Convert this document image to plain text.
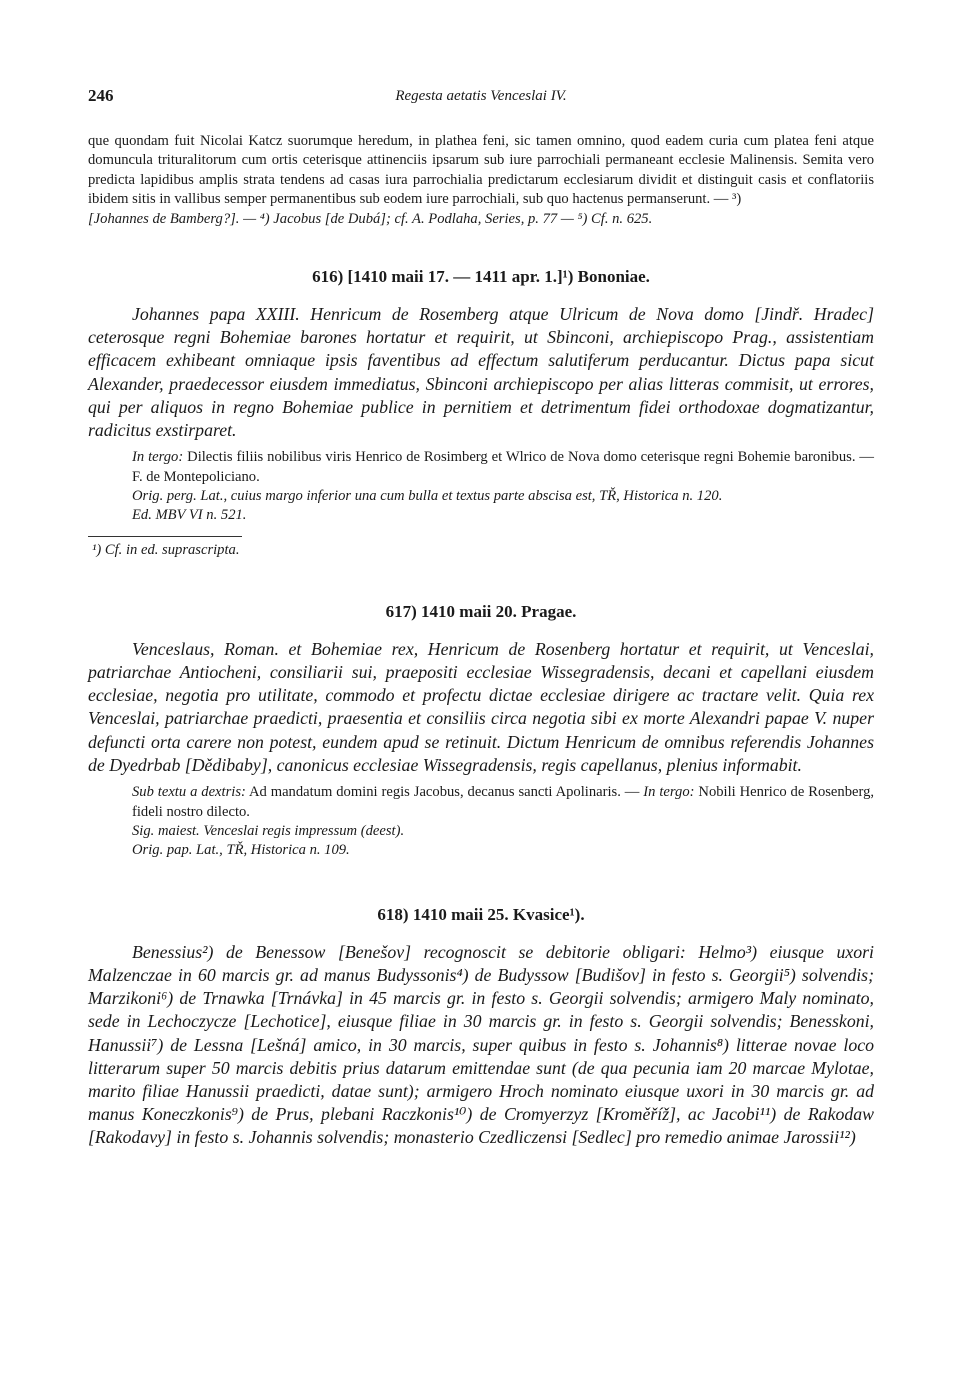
246	Regesta aetatis Venceslai IV.

que quondam fuit Nicolai Katcz suorumque heredum, in plathea feni, sic tamen omnino, quod eadem curia cum platea feni atque domuncula trituralitorum cum ortis ceterisque attinenciis ipsarum sub iure parrochiali permaneant ecclesie Malinensis. Semita vero predicta lapidibus amplis strata tendens ad casas iura parrochialia predictarum ecclesiarum dividit et distinguit casis et conflatoriis ibidem sitis in vallibus semper permanentibus sub eodem iure parrochiali, sub quo hactenus permanserunt. — ³)

[Johannes de Bamberg?]. — ⁴) Jacobus [de Dubá]; cf. A. Podlaha, Series, p. 77 — ⁵) Cf. n. 625.

616) [1410 maii 17. — 1411 apr. 1.]¹) Bononiae.

Johannes papa XXIII. Henricum de Rosemberg atque Ulricum de Nova domo [Jindř. Hradec] ceterosque regni Bohemiae barones hortatur et requirit, ut Sbinconi, archiepiscopo Prag., assistentiam efficacem exhibeant omniaque ipsis faventibus ad effectum salutiferum perducantur. Dictus papa sicut Alexander, praedecessor eiusdem immediatus, Sbinconi archiepiscopo per alias litteras commisit, ut errores, qui per aliquos in regno Bohemiae publice in pernitiem et detrimentum fidei orthodoxae dogmatizantur, radicitus exstirparet.

In tergo: Dilectis filiis nobilibus viris Henrico de Rosimberg et Wlrico de Nova domo ceterisque regni Bohemie baronibus. — F. de Montepoliciano.

Orig. perg. Lat., cuius margo inferior una cum bulla et textus parte abscisa est, TŘ, Historica n. 120.

Ed. MBV VI n. 521.

¹) Cf. in ed. suprascripta.

617) 1410 maii 20. Pragae.

Venceslaus, Roman. et Bohemiae rex, Henricum de Rosenberg hortatur et requirit, ut Venceslai, patriarchae Antiocheni, consiliarii sui, praepositi ecclesiae Wissegradensis, decani et capellani eiusdem ecclesiae, negotia pro utilitate, commodo et profectu dictae ecclesiae dirigere ac tractare velit. Quia rex Venceslai, patriarchae praedicti, praesentia et consiliis circa negotia sibi ex morte Alexandri papae V. nuper defuncti orta carere non potest, eundem apud se retinuit. Dictum Henricum de omnibus referendis Johannes de Dyedrbab [Dědibaby], canonicus ecclesiae Wissegradensis, regis capellanus, plenius informabit.

Sub textu a dextris: Ad mandatum domini regis Jacobus, decanus sancti Apolinaris. — In tergo: Nobili Henrico de Rosenberg, fideli nostro dilecto.

Sig. maiest. Venceslai regis impressum (deest).

Orig. pap. Lat., TŘ, Historica n. 109.

618) 1410 maii 25. Kvasice¹).

Benessius²) de Benessow [Benešov] recognoscit se debitorie obligari: Helmo³) eiusque uxori Malzenczae in 60 marcis gr. ad manus Budyssonis⁴) de Budyssow [Budišov] in festo s. Georgii⁵) solvendis; Marzikoni⁶) de Trnawka [Trnávka] in 45 marcis gr. in festo s. Georgii solvendis; armigero Maly nominato, sede in Lechoczycze [Lechotice], eiusque filiae in 30 marcis gr. in festo s. Georgii solvendis; Benesskoni, Hanussii⁷) de Lessna [Lešná] amico, in 30 marcis, super quibus in festo s. Johannis⁸) litterae novae loco litterarum super 50 marcis debitis prius datarum emittendae sunt (de qua pecunia iam 20 marcae Mylotae, marito filiae Hanussii praedicti, datae sunt); armigero Hroch nominato eiusque uxori in 30 marcis gr. ad manus Koneczkonis⁹) de Prus, plebani Raczkonis¹⁰) de Cromyerzyz [Kroměříž], ac Jacobi¹¹) de Rakodaw [Rakodavy] in festo s. Johannis solvendis; monasterio Czedliczensi [Sedlec] pro remedio animae Jarossii¹²)
